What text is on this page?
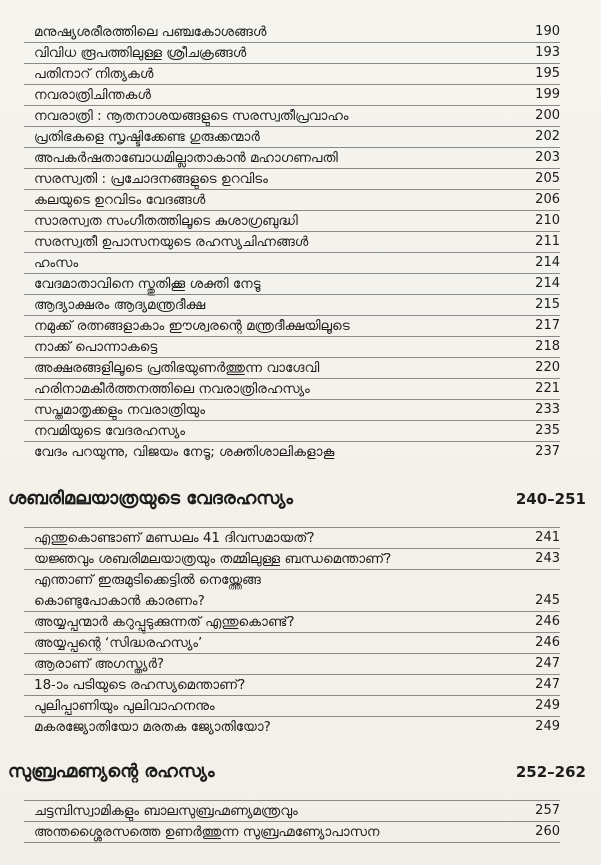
മനുഷ്യശരീരത്തിലെ പഞ്ചകോശങ്ങൾ	190
വിവിധ രൂപത്തിലുള്ള ശ്രീചക്രങ്ങൾ	193
പതിനാറ് നിത്യകൾ	195
നവരാത്രിചിന്തകൾ	199
നവരാത്രി : നൂതനാശയങ്ങളുടെ സരസ്വതീപ്രവാഹം	200
പ്രതിഭകളെ സൃഷ്ടിക്കേണ്ട ഗുരുക്കന്മാർ	202
അപകർഷതാബോധമില്ലാതാകാൻ മഹാഗണപതി	203
സരസ്വതി : പ്രചോദനങ്ങളുടെ ഉറവിടം	205
കലയുടെ ഉറവിടം വേദങ്ങൾ	206
സാരസ്വത സംഗീതത്തിലൂടെ കുശാഗ്രബുദ്ധി	210
സരസ്വതീ ഉപാസനയുടെ രഹസ്യചിഹ്നങ്ങൾ	211
ഹംസം	214
വേദമാതാവിനെ സ്തുതിക്കൂ ശക്തി നേടൂ	214
ആദ്യാക്ഷരം ആദ്യമന്ത്രദീക്ഷ	215
നമുക്ക് രത്നങ്ങളാകാം ഈശ്വരന്റെ മന്ത്രദീക്ഷയിലൂടെ	217
നാക്ക് പൊന്നാകട്ടെ	218
അക്ഷരങ്ങളിലൂടെ പ്രതിഭയുണർത്തുന്ന വാഗ്ദേവി	220
ഹരിനാമകീർത്തനത്തിലെ നവരാത്രിരഹസ്യം	221
സപ്തമാതൃക്കളും നവരാത്രിയും	233
നവമിയുടെ വേദരഹസ്യം	235
വേദം പറയുന്നു, വിജയം നേടൂ; ശക്തിശാലികളാകൂ	237
ശബരിമലയാത്രയുടെ വേദരഹസ്യം	240–251
എന്തുകൊണ്ടാണ് മണ്ഡലം 41 ദിവസമായത്?	241
യജ്ഞവും ശബരിമലയാത്രയും തമ്മിലുള്ള ബന്ധമെന്താണ്?	243
എന്താണ് ഇരുമുടിക്കെട്ടിൽ നെയ്ത്തേങ്ങ
കൊണ്ടുപോകാൻ കാരണം?	245
അയ്യപ്പന്മാർ കറുപ്പുടുക്കുന്നത് എന്തുകൊണ്ട്?	246
അയ്യപ്പന്റെ ‘സിദ്ധരഹസ്യം’	246
ആരാണ് അഗസ്ത്യർ?	247
18-ാം പടിയുടെ രഹസ്യമെന്താണ്?	247
പുലിപ്പാണിയും പുലിവാഹനനും	249
മകരജ്യോതിയോ മരതക ജ്യോതിയോ?	249
സുബ്രഹ്മണ്യന്റെ രഹസ്യം	252–262
ചട്ടമ്പിസ്വാമികളും ബാലസുബ്രഹ്മണ്യമന്ത്രവും	257
അന്തശ്ശൈരസത്തെ ഉണർത്തുന്ന സുബ്രഹ്മണ്യോപാസന	260
